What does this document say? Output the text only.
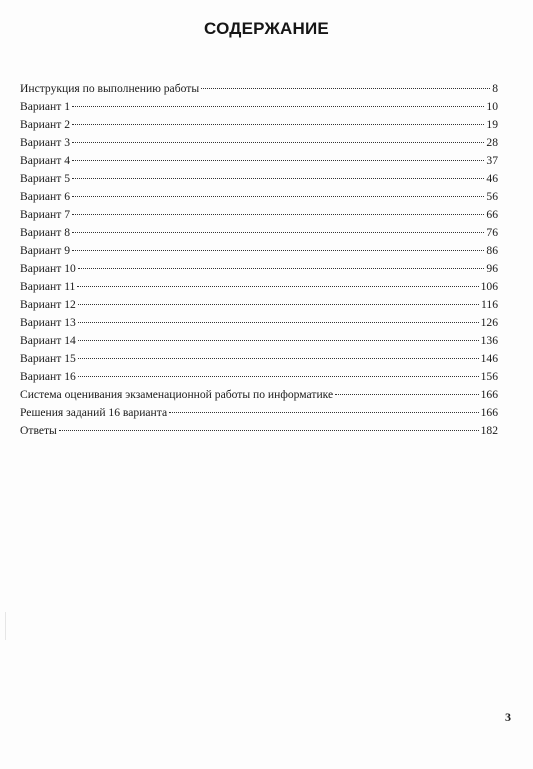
СОДЕРЖАНИЕ
Инструкция по выполнению работы	8
Вариант 1	10
Вариант 2	19
Вариант 3	28
Вариант 4	37
Вариант 5	46
Вариант 6	56
Вариант 7	66
Вариант 8	76
Вариант 9	86
Вариант 10	96
Вариант 11	106
Вариант 12	116
Вариант 13	126
Вариант 14	136
Вариант 15	146
Вариант 16	156
Система оценивания экзаменационной работы по информатике	166
Решения заданий 16 варианта	166
Ответы	182
3
